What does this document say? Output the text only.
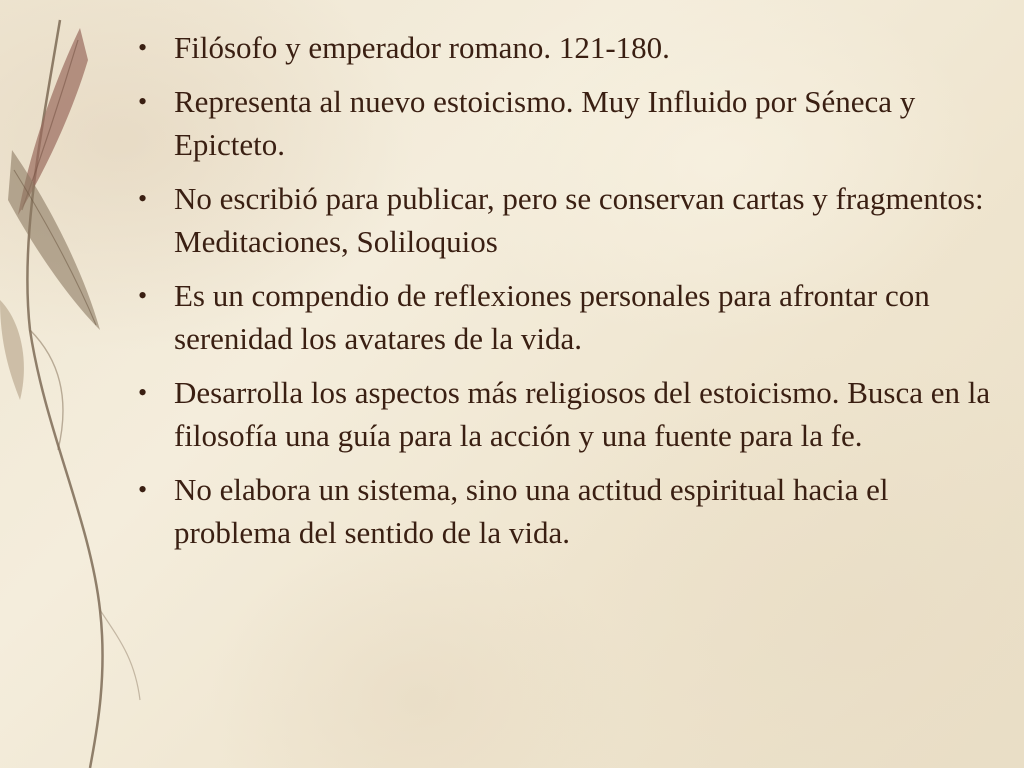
• Filósofo y emperador romano. 121-180.
• Representa al nuevo estoicismo. Muy Influido por Séneca y Epicteto.
• No escribió para publicar, pero se conservan cartas y fragmentos: Meditaciones, Soliloquios
• Es un compendio de reflexiones personales para afrontar con serenidad los avatares de la vida.
• Desarrolla los aspectos más religiosos del estoicismo. Busca en la filosofía una guía para la acción y una fuente para la fe.
• No elabora un sistema, sino una actitud espiritual hacia el problema del sentido de la vida.
